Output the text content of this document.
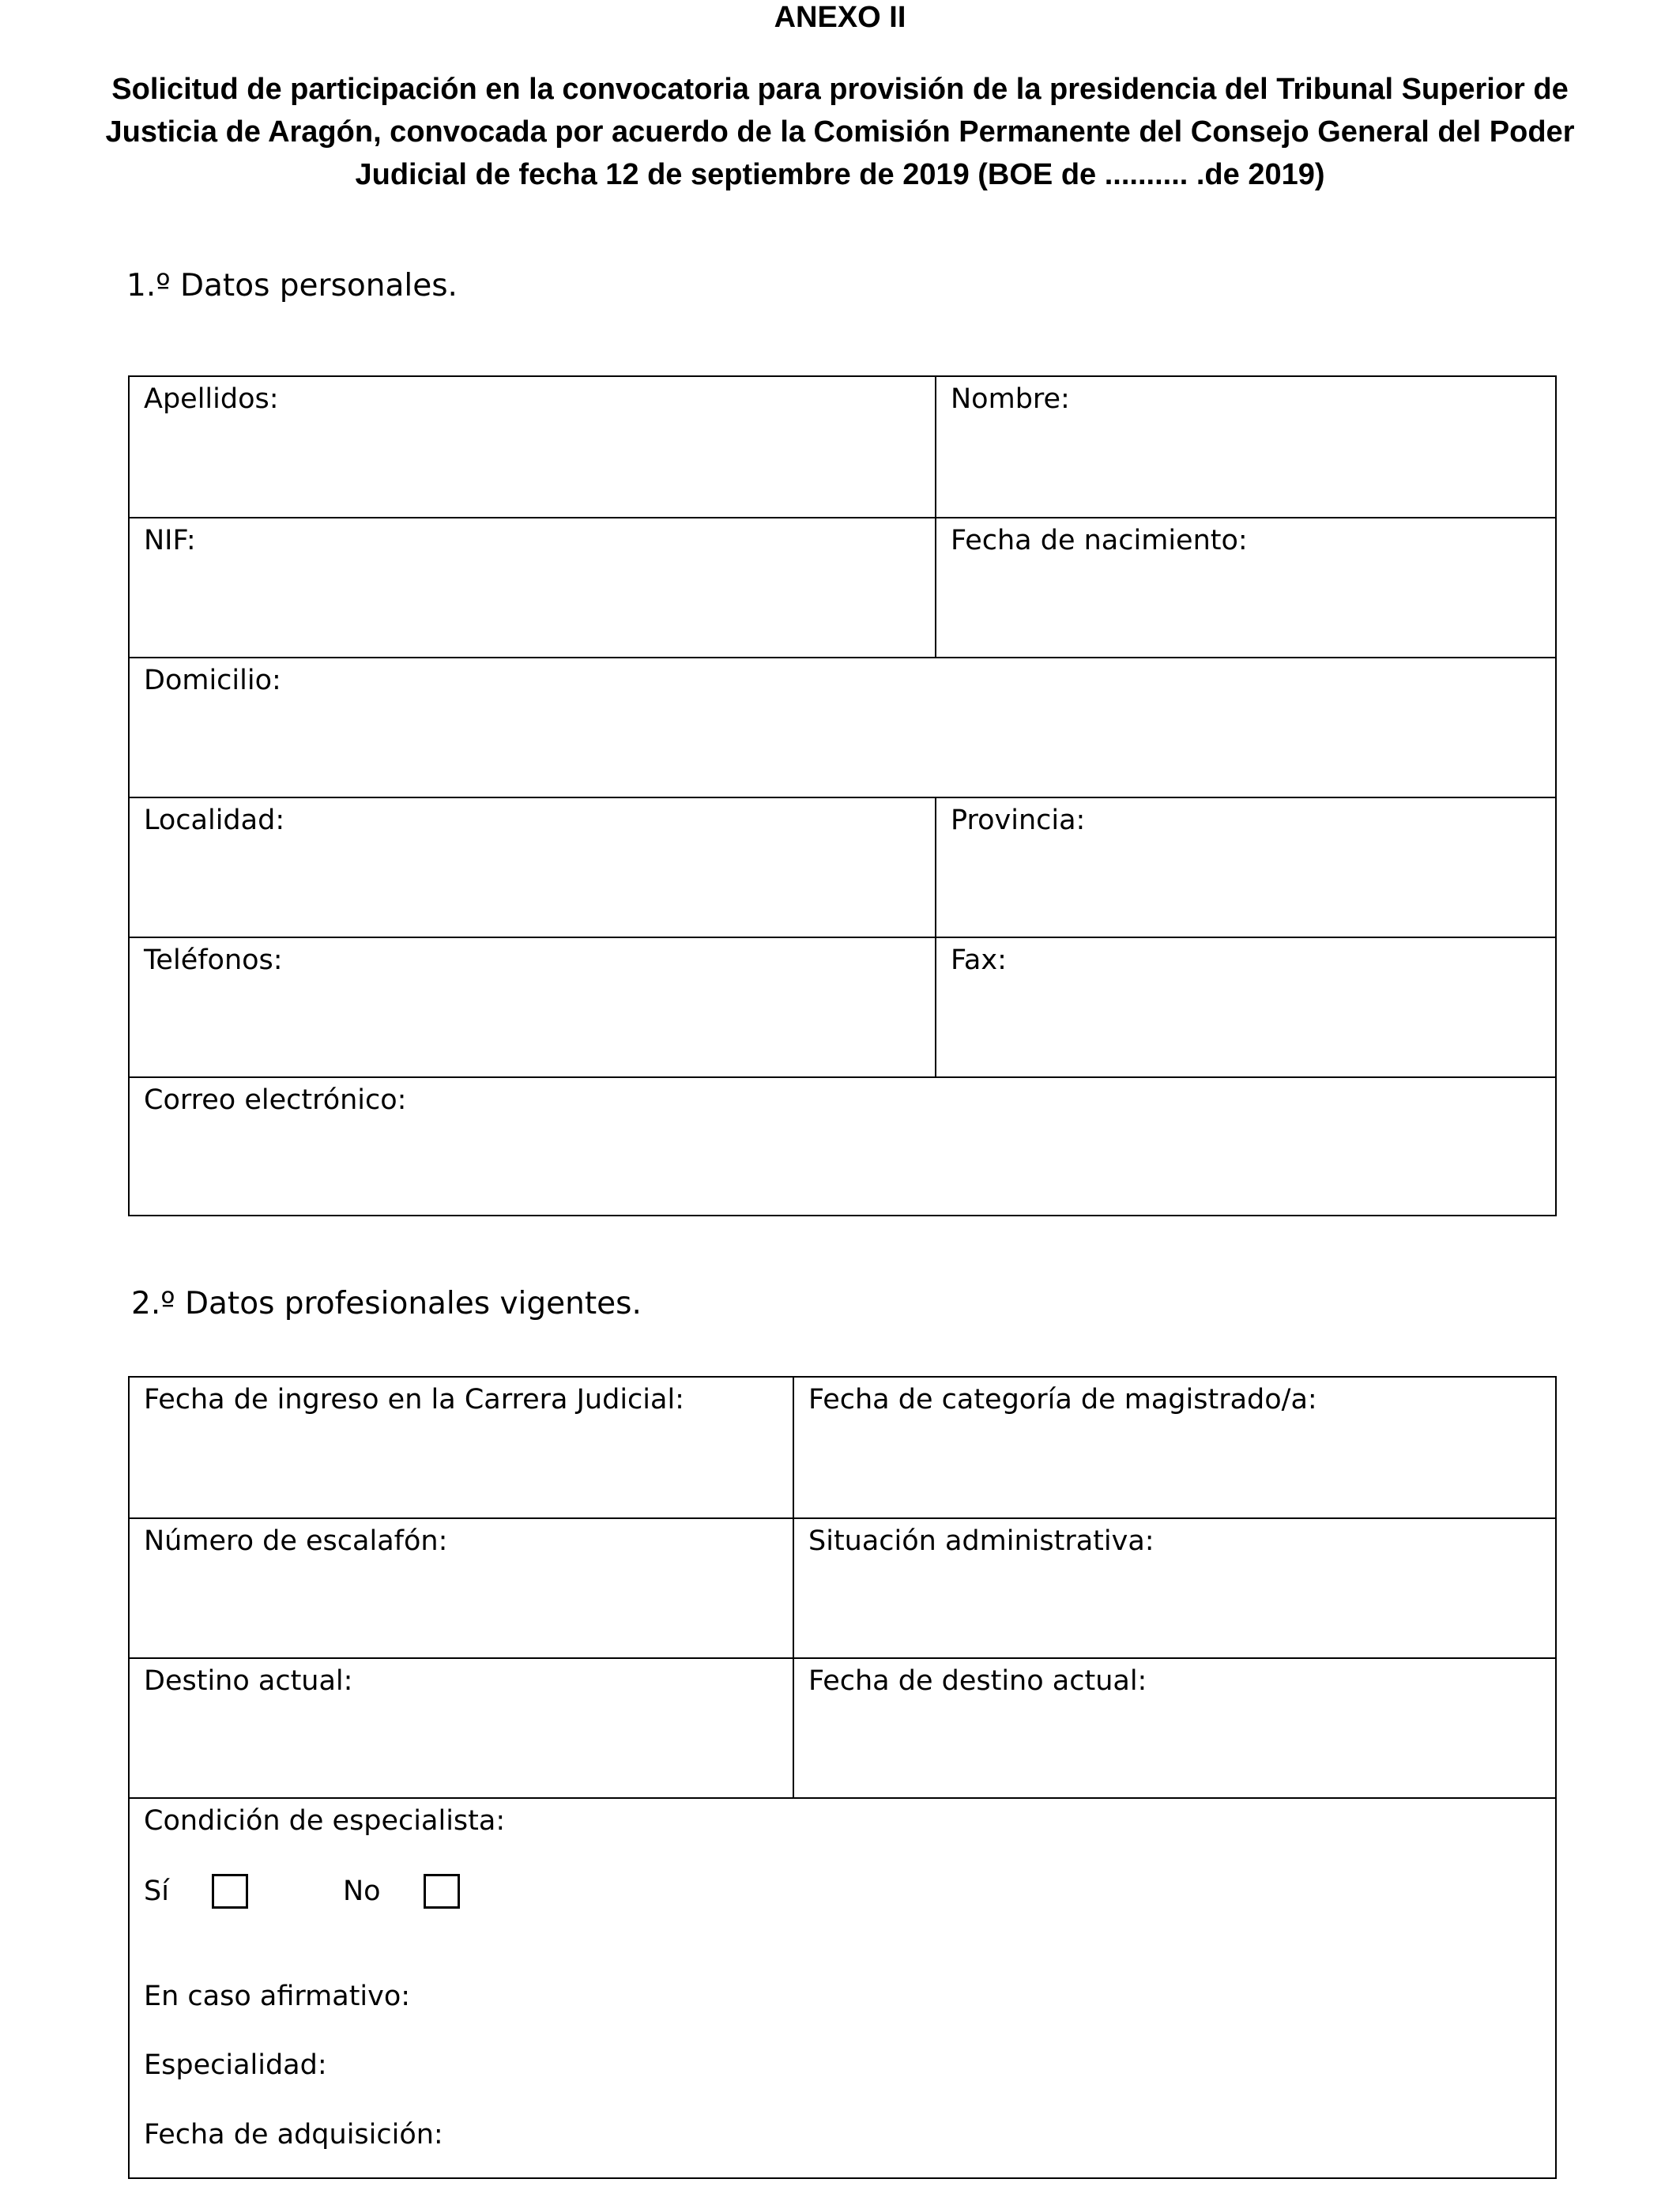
ANEXO II
Solicitud de participación en la convocatoria para provisión de la presidencia del Tribunal Superior de Justicia de Aragón, convocada por acuerdo de la Comisión Permanente del Consejo General del Poder Judicial de fecha 12 de septiembre de 2019 (BOE de .......... .de 2019)

1.º Datos personales.

Apellidos:	Nombre:
NIF:	Fecha de nacimiento:
Domicilio:
Localidad:	Provincia:
Teléfonos:	Fax:
Correo electrónico:

2.º Datos profesionales vigentes.

Fecha de ingreso en la Carrera Judicial:	Fecha de categoría de magistrado/a:
Número de escalafón:	Situación administrativa:
Destino actual:	Fecha de destino actual:
Condición de especialista:
Sí	No
En caso afirmativo:
Especialidad:
Fecha de adquisición:
